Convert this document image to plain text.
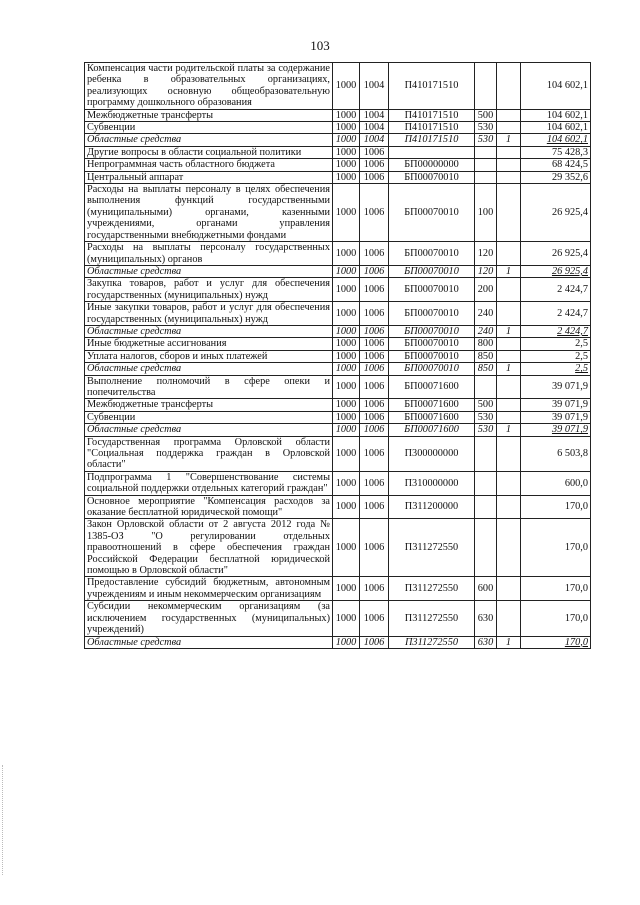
103
Компенсация части родительской платы за содержание ребенка в образовательных организациях, реализующих основную общеобразовательную программу дошкольного образования	1000	1004	П410171510			104 602,1
Межбюджетные трансферты	1000	1004	П410171510	500		104 602,1
Субвенции	1000	1004	П410171510	530		104 602,1
Областные средства	1000	1004	П410171510	530	1	104 602,1
Другие вопросы в области социальной политики	1000	1006				75 428,3
Непрограммная часть областного бюджета	1000	1006	БП00000000			68 424,5
Центральный аппарат	1000	1006	БП00070010			29 352,6
Расходы на выплаты персоналу в целях обеспечения выполнения функций государственными (муниципальными) органами, казенными учреждениями, органами управления государственными внебюджетными фондами	1000	1006	БП00070010	100		26 925,4
Расходы на выплаты персоналу государственных (муниципальных) органов	1000	1006	БП00070010	120		26 925,4
Областные средства	1000	1006	БП00070010	120	1	26 925,4
Закупка товаров, работ и услуг для обеспечения государственных (муниципальных) нужд	1000	1006	БП00070010	200		2 424,7
Иные закупки товаров, работ и услуг для обеспечения государственных (муниципальных) нужд	1000	1006	БП00070010	240		2 424,7
Областные средства	1000	1006	БП00070010	240	1	2 424,7
Иные бюджетные ассигнования	1000	1006	БП00070010	800		2,5
Уплата налогов, сборов и иных платежей	1000	1006	БП00070010	850		2,5
Областные средства	1000	1006	БП00070010	850	1	2,5
Выполнение полномочий в сфере опеки и попечительства	1000	1006	БП00071600			39 071,9
Межбюджетные трансферты	1000	1006	БП00071600	500		39 071,9
Субвенции	1000	1006	БП00071600	530		39 071,9
Областные средства	1000	1006	БП00071600	530	1	39 071,9
Государственная программа Орловской области "Социальная поддержка граждан в Орловской области"	1000	1006	П300000000			6 503,8
Подпрограмма 1 "Совершенствование системы социальной поддержки отдельных категорий граждан"	1000	1006	П310000000			600,0
Основное мероприятие "Компенсация расходов за оказание бесплатной юридической помощи"	1000	1006	П311200000			170,0
Закон Орловской области от 2 августа 2012 года № 1385-ОЗ "О регулировании отдельных правоотношений в сфере обеспечения граждан Российской Федерации бесплатной юридической помощью в Орловской области"	1000	1006	П311272550			170,0
Предоставление субсидий бюджетным, автономным учреждениям и иным некоммерческим организациям	1000	1006	П311272550	600		170,0
Субсидии некоммерческим организациям (за исключением государственных (муниципальных) учреждений)	1000	1006	П311272550	630		170,0
Областные средства	1000	1006	П311272550	630	1	170,0
